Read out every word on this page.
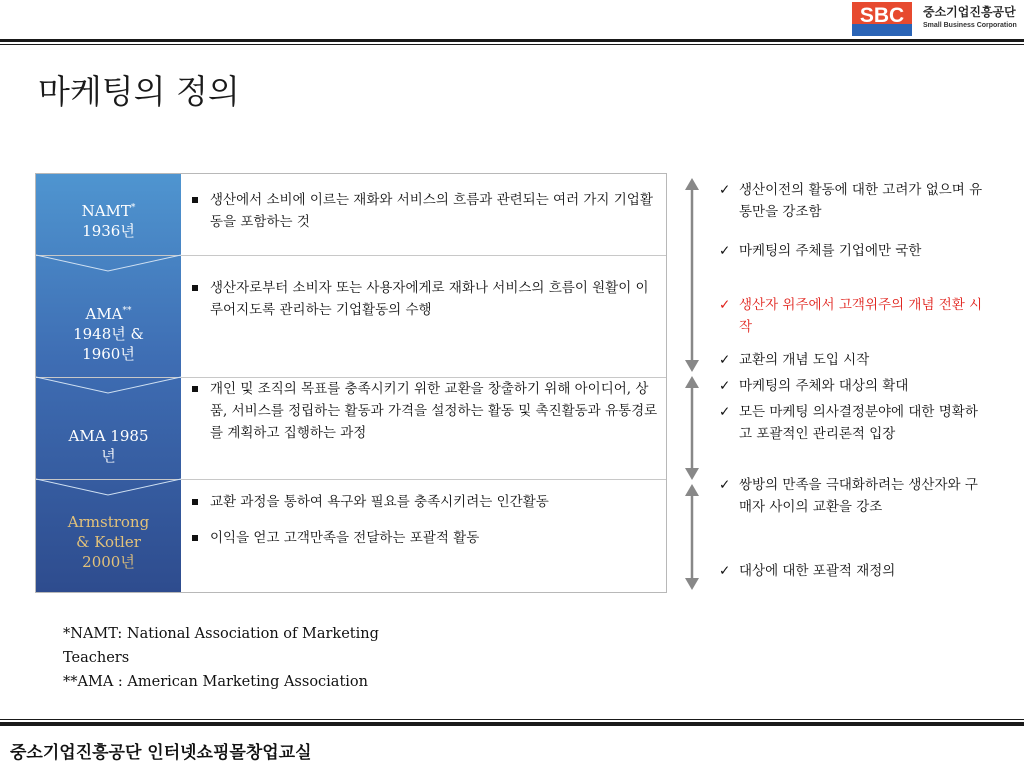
SBC	중소기업진흥공단
Small Business Corporation
마케팅의 정의
NAMT*
1936년
생산에서 소비에 이르는 재화와 서비스의 흐름과 관련되는 여러 가지 기업활동을 포함하는 것
AMA**
1948년 &
1960년
생산자로부터 소비자 또는 사용자에게로 재화나 서비스의 흐름이 원활이 이루어지도록 관리하는 기업활동의 수행
AMA 1985
년
개인 및 조직의 목표를 충족시키기 위한 교환을 창출하기 위해 아이디어, 상품, 서비스를 정립하는 활동과 가격을 설정하는 활동 및 촉진활동과 유통경로를 계획하고 집행하는 과정
Armstrong
& Kotler
2000년
교환 과정을 통하여 욕구와 필요를 충족시키려는 인간활동
이익을 얻고 고객만족을 전달하는 포괄적 활동
✓ 생산이전의 활동에 대한 고려가 없으며 유통만을 강조함
✓ 마케팅의 주체를 기업에만 국한
✓ 생산자 위주에서 고객위주의 개념 전환 시작
✓ 교환의 개념 도입 시작
✓ 마케팅의 주체와 대상의 확대
✓ 모든 마케팅 의사결정분야에 대한 명확하고 포괄적인 관리론적 입장
✓ 쌍방의 만족을 극대화하려는 생산자와 구매자 사이의 교환을 강조
✓ 대상에 대한 포괄적 재정의
*NAMT: National Association of Marketing
Teachers
**AMA : American Marketing Association
중소기업진흥공단 인터넷쇼핑몰창업교실
